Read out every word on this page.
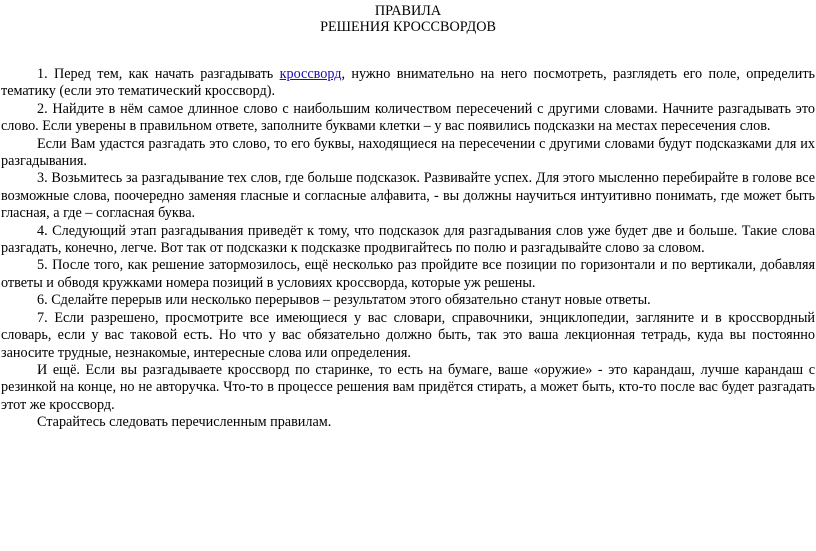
ПРАВИЛА
РЕШЕНИЯ КРОССВОРДОВ

1. Перед тем, как начать разгадывать кроссворд, нужно внимательно на него посмотреть, разглядеть его поле, определить тематику (если это тематический кроссворд).

2. Найдите в нём самое длинное слово с наибольшим количеством пересечений с другими словами. Начните разгадывать это слово. Если уверены в правильном ответе, заполните буквами клетки – у вас появились подсказки на местах пересечения слов.

Если Вам удастся разгадать это слово, то его буквы, находящиеся на пересечении с другими словами будут подсказками для их разгадывания.

3. Возьмитесь за разгадывание тех слов, где больше подсказок. Развивайте успех. Для этого мысленно перебирайте в голове все возможные слова, поочередно заменяя гласные и согласные алфавита, - вы должны научиться интуитивно понимать, где может быть гласная, а где – согласная буква.

4. Следующий этап разгадывания приведёт к тому, что подсказок для разгадывания слов уже будет две и больше. Такие слова разгадать, конечно, легче. Вот так от подсказки к подсказке продвигайтесь по полю и разгадывайте слово за словом.

5. После того, как решение затормозилось, ещё несколько раз пройдите все позиции по горизонтали и по вертикали, добавляя ответы и обводя кружками номера позиций в условиях кроссворда, которые уж решены.

6. Сделайте перерыв или несколько перерывов – результатом этого обязательно станут новые ответы.

7. Если разрешено, просмотрите все имеющиеся у вас словари, справочники, энциклопедии, загляните и в кроссвордный словарь, если у вас таковой есть. Но что у вас обязательно должно быть, так это ваша лекционная тетрадь, куда вы постоянно заносите трудные, незнакомые, интересные слова или определения.

И ещё. Если вы разгадываете кроссворд по старинке, то есть на бумаге, ваше «оружие» - это карандаш, лучше карандаш с резинкой на конце, но не авторучка. Что-то в процессе решения вам придётся стирать, а может быть, кто-то после вас будет разгадать этот же кроссворд.

Старайтесь следовать перечисленным правилам.
